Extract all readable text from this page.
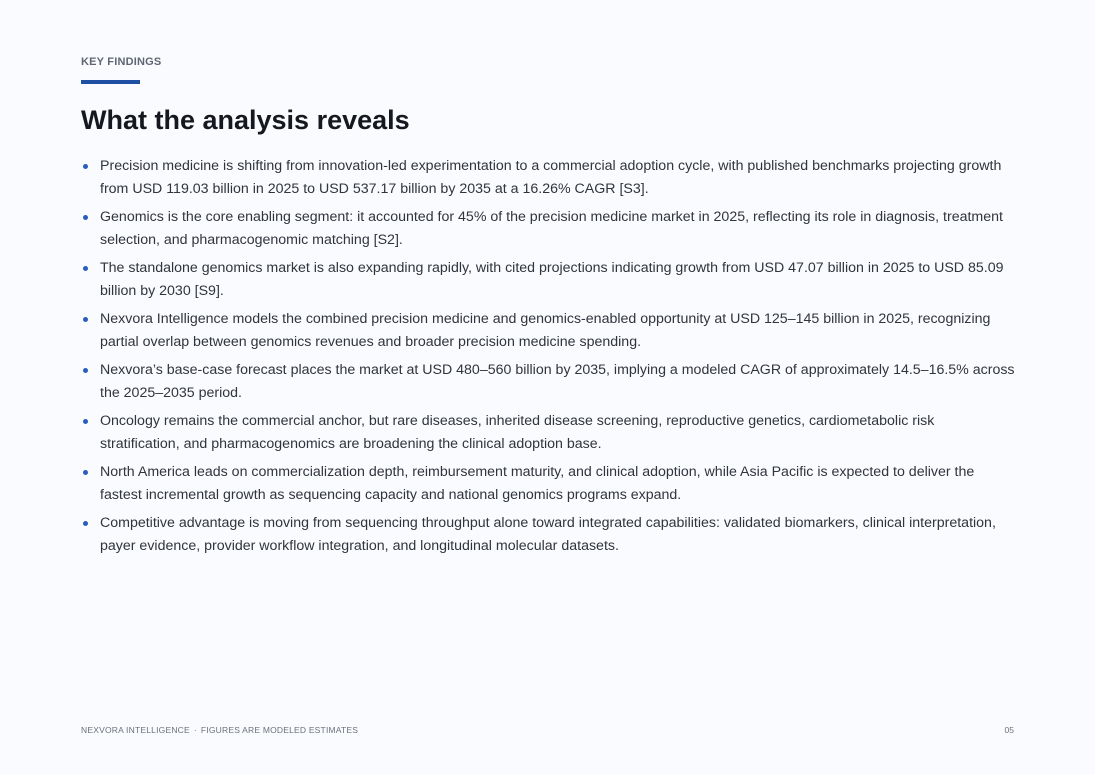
KEY FINDINGS
What the analysis reveals
Precision medicine is shifting from innovation-led experimentation to a commercial adoption cycle, with published benchmarks projecting growth from USD 119.03 billion in 2025 to USD 537.17 billion by 2035 at a 16.26% CAGR [S3].
Genomics is the core enabling segment: it accounted for 45% of the precision medicine market in 2025, reflecting its role in diagnosis, treatment selection, and pharmacogenomic matching [S2].
The standalone genomics market is also expanding rapidly, with cited projections indicating growth from USD 47.07 billion in 2025 to USD 85.09 billion by 2030 [S9].
Nexvora Intelligence models the combined precision medicine and genomics-enabled opportunity at USD 125–145 billion in 2025, recognizing partial overlap between genomics revenues and broader precision medicine spending.
Nexvora’s base-case forecast places the market at USD 480–560 billion by 2035, implying a modeled CAGR of approximately 14.5–16.5% across the 2025–2035 period.
Oncology remains the commercial anchor, but rare diseases, inherited disease screening, reproductive genetics, cardiometabolic risk stratification, and pharmacogenomics are broadening the clinical adoption base.
North America leads on commercialization depth, reimbursement maturity, and clinical adoption, while Asia Pacific is expected to deliver the fastest incremental growth as sequencing capacity and national genomics programs expand.
Competitive advantage is moving from sequencing throughput alone toward integrated capabilities: validated biomarkers, clinical interpretation, payer evidence, provider workflow integration, and longitudinal molecular datasets.
NEXVORA INTELLIGENCE · FIGURES ARE MODELED ESTIMATES	05
